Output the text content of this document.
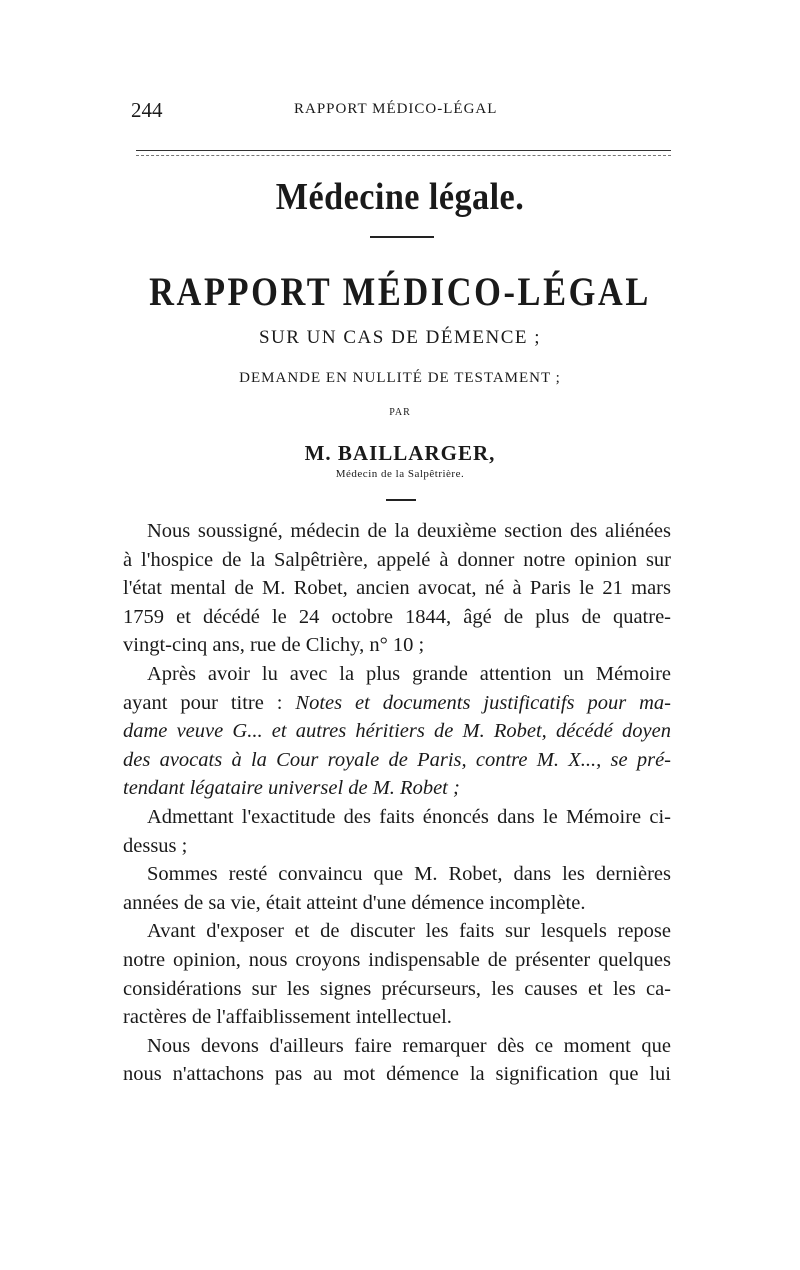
244	RAPPORT MÉDICO-LÉGAL
Médecine légale.
RAPPORT MÉDICO-LÉGAL
SUR UN CAS DE DÉMENCE ;
DEMANDE EN NULLITÉ DE TESTAMENT ;
PAR
M. BAILLARGER,
Médecin de la Salpêtrière.
Nous soussigné, médecin de la deuxième section des aliénées
à l'hospice de la Salpêtrière, appelé à donner notre opinion sur
l'état mental de M. Robet, ancien avocat, né à Paris le 21 mars
1759 et décédé le 24 octobre 1844, âgé de plus de quatre-
vingt-cinq ans, rue de Clichy, n° 10 ;
Après avoir lu avec la plus grande attention un Mémoire
ayant pour titre : Notes et documents justificatifs pour ma-
dame veuve G... et autres héritiers de M. Robet, décédé doyen
des avocats à la Cour royale de Paris, contre M. X..., se pré-
tendant légataire universel de M. Robet ;
Admettant l'exactitude des faits énoncés dans le Mémoire ci-
dessus ;
Sommes resté convaincu que M. Robet, dans les dernières
années de sa vie, était atteint d'une démence incomplète.
Avant d'exposer et de discuter les faits sur lesquels repose
notre opinion, nous croyons indispensable de présenter quelques
considérations sur les signes précurseurs, les causes et les ca-
ractères de l'affaiblissement intellectuel.
Nous devons d'ailleurs faire remarquer dès ce moment que
nous n'attachons pas au mot démence la signification que lui
